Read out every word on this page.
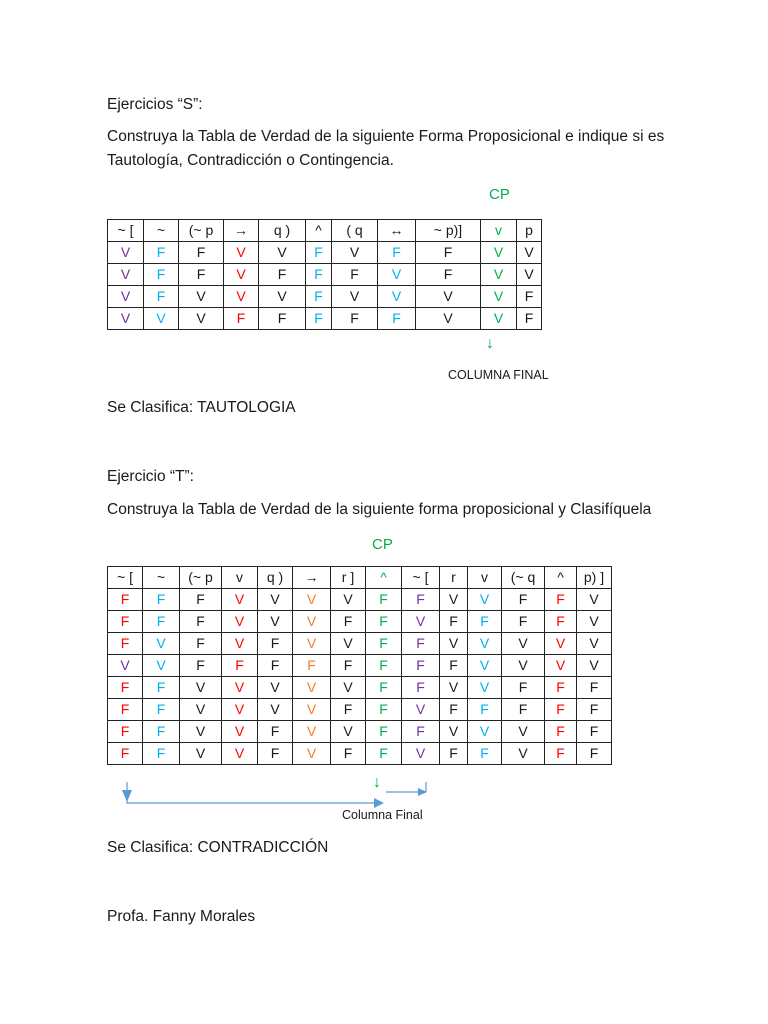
Ejercicios “S”:
Construya la Tabla de Verdad de la siguiente Forma Proposicional e indique si es Tautología, Contradicción o Contingencia.
CP
~ [	~	(~ p	→	q )	^	( q	↔	~ p)]	v	p
V	F	F	V	V	F	V	F	F	V	V
V	F	F	V	F	F	F	V	F	V	V
V	F	V	V	V	F	V	V	V	V	F
V	V	V	F	F	F	F	F	V	V	F
↓
COLUMNA FINAL
Se Clasifica: TAUTOLOGIA
Ejercicio “T”:
Construya la Tabla de Verdad de la siguiente forma proposicional y Clasifíquela
CP
~ [	~	(~ p	v	q )	→	r ]	^	~ [	r	v	(~ q	^	p) ]
F	F	F	V	V	V	V	F	F	V	V	F	F	V
F	F	F	V	V	V	F	F	V	F	F	F	F	V
F	V	F	V	F	V	V	F	F	V	V	V	V	V
V	V	F	F	F	F	F	F	F	F	V	V	V	V
F	F	V	V	V	V	V	F	F	V	V	F	F	F
F	F	V	V	V	V	F	F	V	F	F	F	F	F
F	F	V	V	F	V	V	F	F	V	V	V	F	F
F	F	V	V	F	V	F	F	V	F	F	V	F	F
↓
Columna Final
Se Clasifica: CONTRADICCIÓN
Profa. Fanny Morales
